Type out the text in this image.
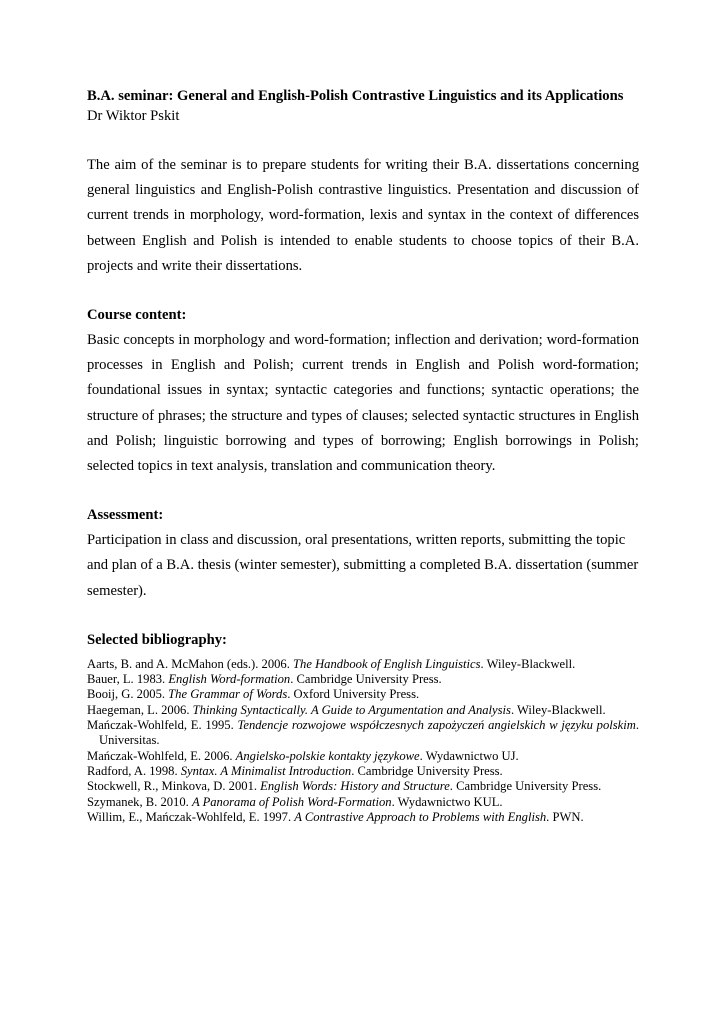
B.A. seminar: General and English-Polish Contrastive Linguistics and its Applications

Dr Wiktor Pskit

The aim of the seminar is to prepare students for writing their B.A. dissertations concerning general linguistics and English-Polish contrastive linguistics. Presentation and discussion of current trends in morphology, word-formation, lexis and syntax in the context of differences between English and Polish is intended to enable students to choose topics of their B.A. projects and write their dissertations.

Course content:

Basic concepts in morphology and word-formation; inflection and derivation; word-formation processes in English and Polish; current trends in English and Polish word-formation; foundational issues in syntax; syntactic categories and functions; syntactic operations; the structure of phrases; the structure and types of clauses; selected syntactic structures in English and Polish; linguistic borrowing and types of borrowing; English borrowings in Polish; selected topics in text analysis, translation and communication theory.

Assessment:

Participation in class and discussion, oral presentations, written reports, submitting the topic and plan of a B.A. thesis (winter semester), submitting a completed B.A. dissertation (summer semester).

Selected bibliography:

Aarts, B. and A. McMahon (eds.). 2006. The Handbook of English Linguistics. Wiley-Blackwell.
Bauer, L. 1983. English Word-formation. Cambridge University Press.
Booij, G. 2005. The Grammar of Words. Oxford University Press.
Haegeman, L. 2006. Thinking Syntactically. A Guide to Argumentation and Analysis. Wiley-Blackwell.
Mańczak-Wohlfeld, E. 1995. Tendencje rozwojowe współczesnych zapożyczeń angielskich w języku polskim. Universitas.
Mańczak-Wohlfeld, E. 2006. Angielsko-polskie kontakty językowe. Wydawnictwo UJ.
Radford, A. 1998. Syntax. A Minimalist Introduction. Cambridge University Press.
Stockwell, R., Minkova, D. 2001. English Words: History and Structure. Cambridge University Press.
Szymanek, B. 2010. A Panorama of Polish Word-Formation. Wydawnictwo KUL.
Willim, E., Mańczak-Wohlfeld, E. 1997. A Contrastive Approach to Problems with English. PWN.
